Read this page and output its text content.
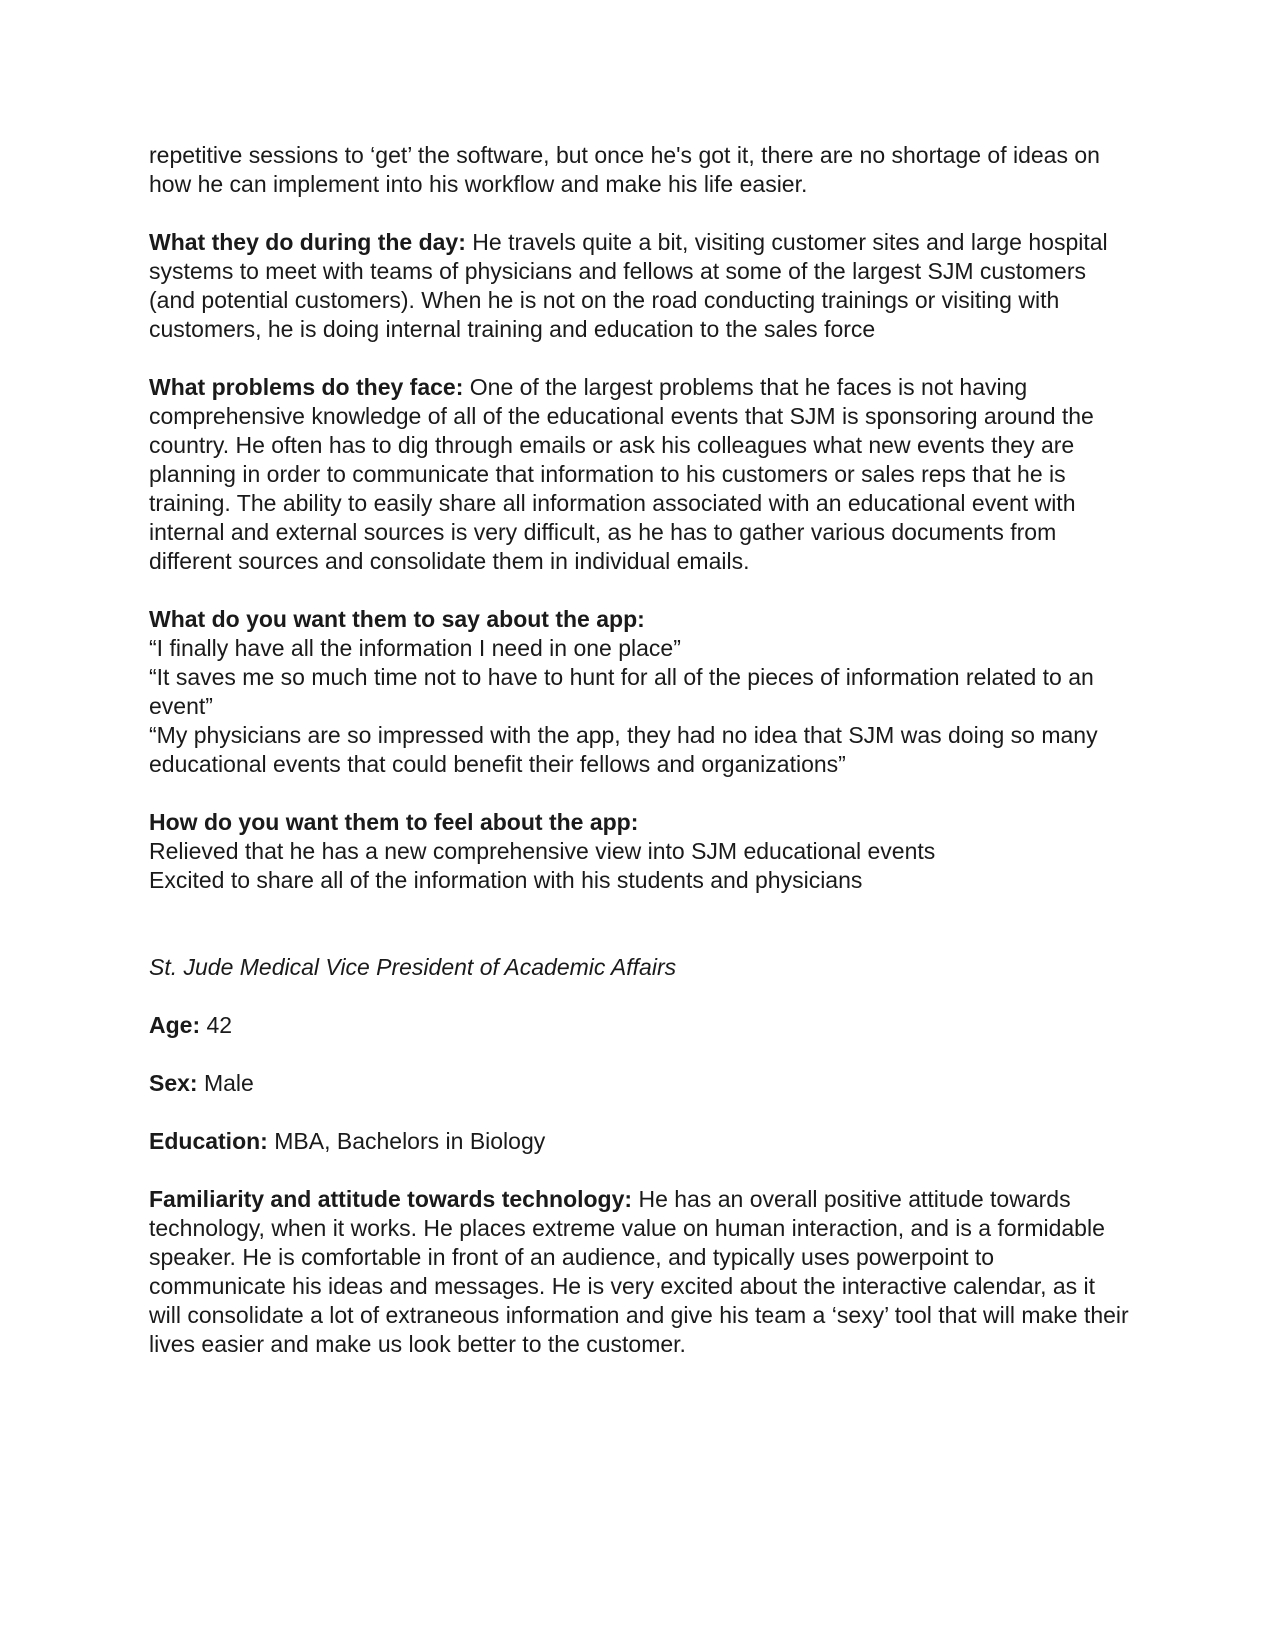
repetitive sessions to ‘get’ the software, but once he's got it, there are no shortage of ideas on how he can implement into his workflow and make his life easier.

What they do during the day: He travels quite a bit, visiting customer sites and large hospital systems to meet with teams of physicians and fellows at some of the largest SJM customers (and potential customers). When he is not on the road conducting trainings or visiting with customers, he is doing internal training and education to the sales force

What problems do they face: One of the largest problems that he faces is not having comprehensive knowledge of all of the educational events that SJM is sponsoring around the country. He often has to dig through emails or ask his colleagues what new events they are planning in order to communicate that information to his customers or sales reps that he is training. The ability to easily share all information associated with an educational event with internal and external sources is very difficult, as he has to gather various documents from different sources and consolidate them in individual emails.

What do you want them to say about the app:
“I finally have all the information I need in one place”
“It saves me so much time not to have to hunt for all of the pieces of information related to an event”
“My physicians are so impressed with the app, they had no idea that SJM was doing so many educational events that could benefit their fellows and organizations”
How do you want them to feel about the app:
Relieved that he has a new comprehensive view into SJM educational events
Excited to share all of the information with his students and physicians

St. Jude Medical Vice President of Academic Affairs

Age: 42

Sex: Male

Education: MBA, Bachelors in Biology

Familiarity and attitude towards technology: He has an overall positive attitude towards technology, when it works. He places extreme value on human interaction, and is a formidable speaker. He is comfortable in front of an audience, and typically uses powerpoint to communicate his ideas and messages. He is very excited about the interactive calendar, as it will consolidate a lot of extraneous information and give his team a ‘sexy’ tool that will make their lives easier and make us look better to the customer.
